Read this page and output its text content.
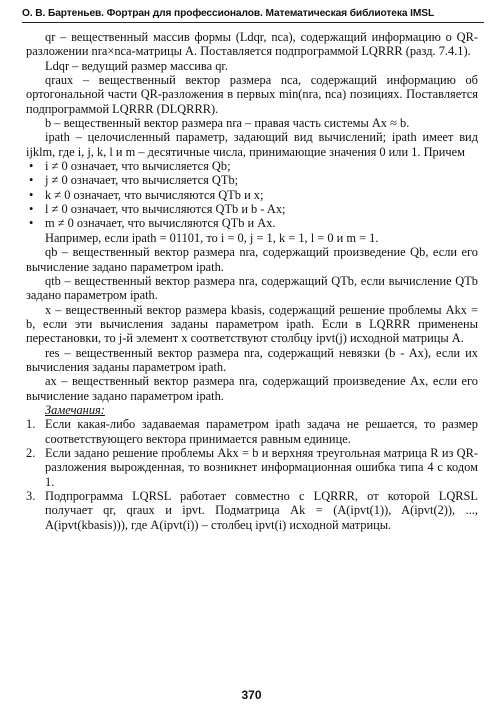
О. В. Бартеньев. Фортран для профессионалов. Математическая библиотека IMSL

qr – вещественный массив формы (Ldqr, nca), содержащий информацию о QR-разложении nra×nca-матрицы A. Поставляется подпрограммой LQRRR (разд. 7.4.1).

Ldqr – ведущий размер массива qr.

qraux – вещественный вектор размера nca, содержащий информацию об ортогональной части QR-разложения в первых min(nra, nca) позициях. Поставляется подпрограммой LQRRR (DLQRRR).

b – вещественный вектор размера nra – правая часть системы Ax ≈ b.

ipath – целочисленный параметр, задающий вид вычислений; ipath имеет вид ijklm, где i, j, k, l и m – десятичные числа, принимающие значения 0 или 1. Причем

• i ≠ 0 означает, что вычисляется Qb;
• j ≠ 0 означает, что вычисляется QTb;
• k ≠ 0 означает, что вычисляются QTb и x;
• l ≠ 0 означает, что вычисляются QTb и b - Ax;
• m ≠ 0 означает, что вычисляются QTb и Ax.

Например, если ipath = 01101, то i = 0, j = 1, k = 1, l = 0 и m = 1.

qb – вещественный вектор размера nra, содержащий произведение Qb, если его вычисление задано параметром ipath.

qtb – вещественный вектор размера nra, содержащий QTb, если вычисление QTb задано параметром ipath.

x – вещественный вектор размера kbasis, содержащий решение проблемы Akx = b, если эти вычисления заданы параметром ipath. Если в LQRRR применены перестановки, то j-й элемент x соответствуют столбцу ipvt(j) исходной матрицы A.

res – вещественный вектор размера nra, содержащий невязки (b - Ax), если их вычисления заданы параметром ipath.

ax – вещественный вектор размера nra, содержащий произведение Ax, если его вычисление задано параметром ipath.

Замечания:

1. Если какая-либо задаваемая параметром ipath задача не решается, то размер соответствующего вектора принимается равным единице.
2. Если задано решение проблемы Akx = b и верхняя треугольная матрица R из QR-разложения вырожденная, то возникнет информационная ошибка типа 4 с кодом 1.
3. Подпрограмма LQRSL работает совместно с LQRRR, от которой LQRSL получает qr, qraux и ipvt. Подматрица Ak = (A(ipvt(1)), A(ipvt(2)), ..., A(ipvt(kbasis))), где A(ipvt(i)) – столбец ipvt(i) исходной матрицы.
370
